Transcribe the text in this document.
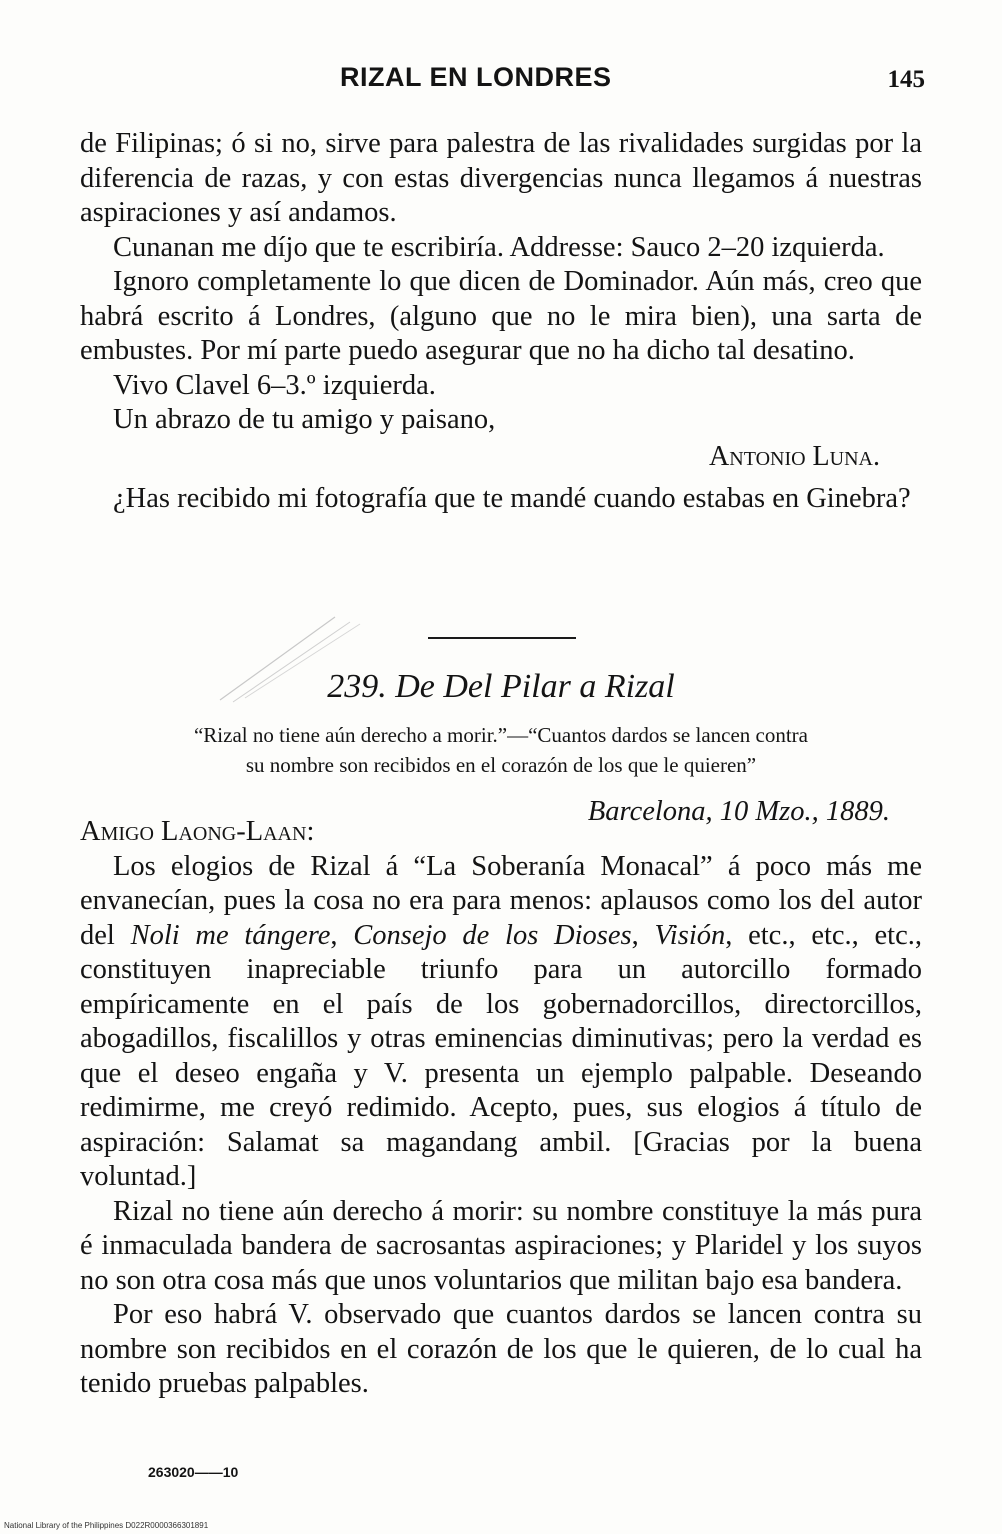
RIZAL EN LONDRES	145

de Filipinas; ó si no, sirve para palestra de las rivalidades surgidas por la diferencia de razas, y con estas divergencias nunca llegamos á nuestras aspiraciones y así andamos.

Cunanan me díjo que te escribiría. Addresse: Sauco 2–20 izquierda.

Ignoro completamente lo que dicen de Dominador. Aún más, creo que habrá escrito á Londres, (alguno que no le mira bien), una sarta de embustes. Por mí parte puedo asegurar que no ha dicho tal desatino.

Vivo Clavel 6–3.º izquierda.

Un abrazo de tu amigo y paisano,

Antonio Luna.

¿Has recibido mi fotografía que te mandé cuando estabas en Ginebra?

239. De Del Pilar a Rizal
“Rizal no tiene aún derecho a morir.”—“Cuantos dardos se lancen contra
su nombre son recibidos en el corazón de los que le quieren”
Barcelona, 10 Mzo., 1889.

Amigo Laong-Laan:

Los elogios de Rizal á “La Soberanía Monacal” á poco más me envanecían, pues la cosa no era para menos: aplausos como los del autor del Noli me tángere, Consejo de los Dioses, Visión, etc., etc., etc., constituyen inapreciable triunfo para un autorcillo formado empíricamente en el país de los gobernadorcillos, directorcillos, abogadillos, fiscalillos y otras eminencias diminutivas; pero la verdad es que el deseo engaña y V. presenta un ejemplo palpable. Deseando redimirme, me creyó redimido. Acepto, pues, sus elogios á título de aspiración: Salamat sa magandang ambil. [Gracias por la buena voluntad.]

Rizal no tiene aún derecho á morir: su nombre constituye la más pura é inmaculada bandera de sacrosantas aspiraciones; y Plaridel y los suyos no son otra cosa más que unos voluntarios que militan bajo esa bandera.

Por eso habrá V. observado que cuantos dardos se lancen contra su nombre son recibidos en el corazón de los que le quieren, de lo cual ha tenido pruebas palpables.

263020——10
National Library of the Philippines D022R0000366301891
